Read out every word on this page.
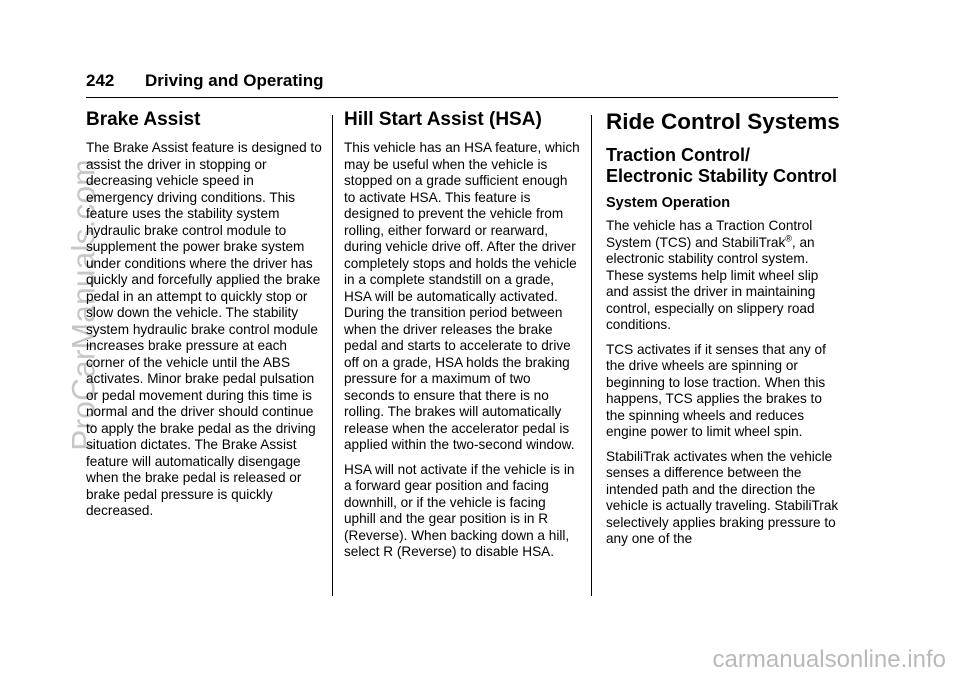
242 Driving and Operating
Brake Assist

The Brake Assist feature is designed to assist the driver in stopping or decreasing vehicle speed in emergency driving conditions. This feature uses the stability system hydraulic brake control module to supplement the power brake system under conditions where the driver has quickly and forcefully applied the brake pedal in an attempt to quickly stop or slow down the vehicle. The stability system hydraulic brake control module increases brake pressure at each corner of the vehicle until the ABS activates. Minor brake pedal pulsation or pedal movement during this time is normal and the driver should continue to apply the brake pedal as the driving situation dictates. The Brake Assist feature will automatically disengage when the brake pedal is released or brake pedal pressure is quickly decreased.

Hill Start Assist (HSA)

This vehicle has an HSA feature, which may be useful when the vehicle is stopped on a grade sufficient enough to activate HSA. This feature is designed to prevent the vehicle from rolling, either forward or rearward, during vehicle drive off. After the driver completely stops and holds the vehicle in a complete standstill on a grade, HSA will be automatically activated. During the transition period between when the driver releases the brake pedal and starts to accelerate to drive off on a grade, HSA holds the braking pressure for a maximum of two seconds to ensure that there is no rolling. The brakes will automatically release when the accelerator pedal is applied within the two-second window.

HSA will not activate if the vehicle is in a forward gear position and facing downhill, or if the vehicle is facing uphill and the gear position is in R (Reverse). When backing down a hill, select R (Reverse) to disable HSA.

Ride Control Systems
Traction Control/ Electronic Stability Control
System Operation

The vehicle has a Traction Control System (TCS) and StabiliTrak®, an electronic stability control system. These systems help limit wheel slip and assist the driver in maintaining control, especially on slippery road conditions.

TCS activates if it senses that any of the drive wheels are spinning or beginning to lose traction. When this happens, TCS applies the brakes to the spinning wheels and reduces engine power to limit wheel spin.

StabiliTrak activates when the vehicle senses a difference between the intended path and the direction the vehicle is actually traveling. StabiliTrak selectively applies braking pressure to any one of the

ProCarManuals.com
carmanualsonline.info
